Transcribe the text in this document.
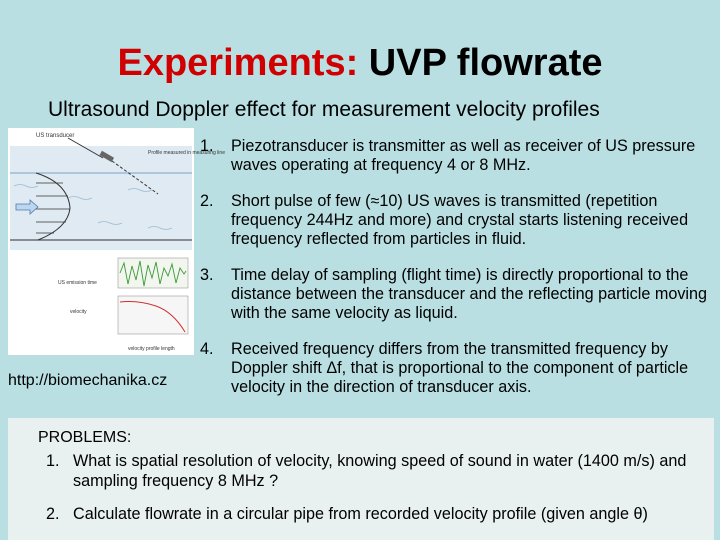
Experiments: UVP flowrate
Ultrasound Doppler effect for measurement velocity profiles
US transducer
Profile measured in measuring line
US emission time
velocity
velocity profile length
http://biomechanika.cz
1. Piezotransducer is transmitter as well as receiver of US pressure waves operating at frequency 4 or 8 MHz.
2. Short pulse of few (≈10) US waves is transmitted (repetition frequency 244Hz and more) and crystal starts listening received frequency reflected from particles in fluid.
3. Time delay of sampling (flight time) is directly proportional to the distance between the transducer and the reflecting particle moving with the same velocity as liquid.
4. Received frequency differs from the transmitted frequency by Doppler shift Δf, that is proportional to the component of particle velocity in the direction of transducer axis.
PROBLEMS:
1. What is spatial resolution of velocity, knowing speed of sound in water (1400 m/s) and sampling frequency 8 MHz ?
2. Calculate flowrate in a circular pipe from recorded velocity profile (given angle θ)
